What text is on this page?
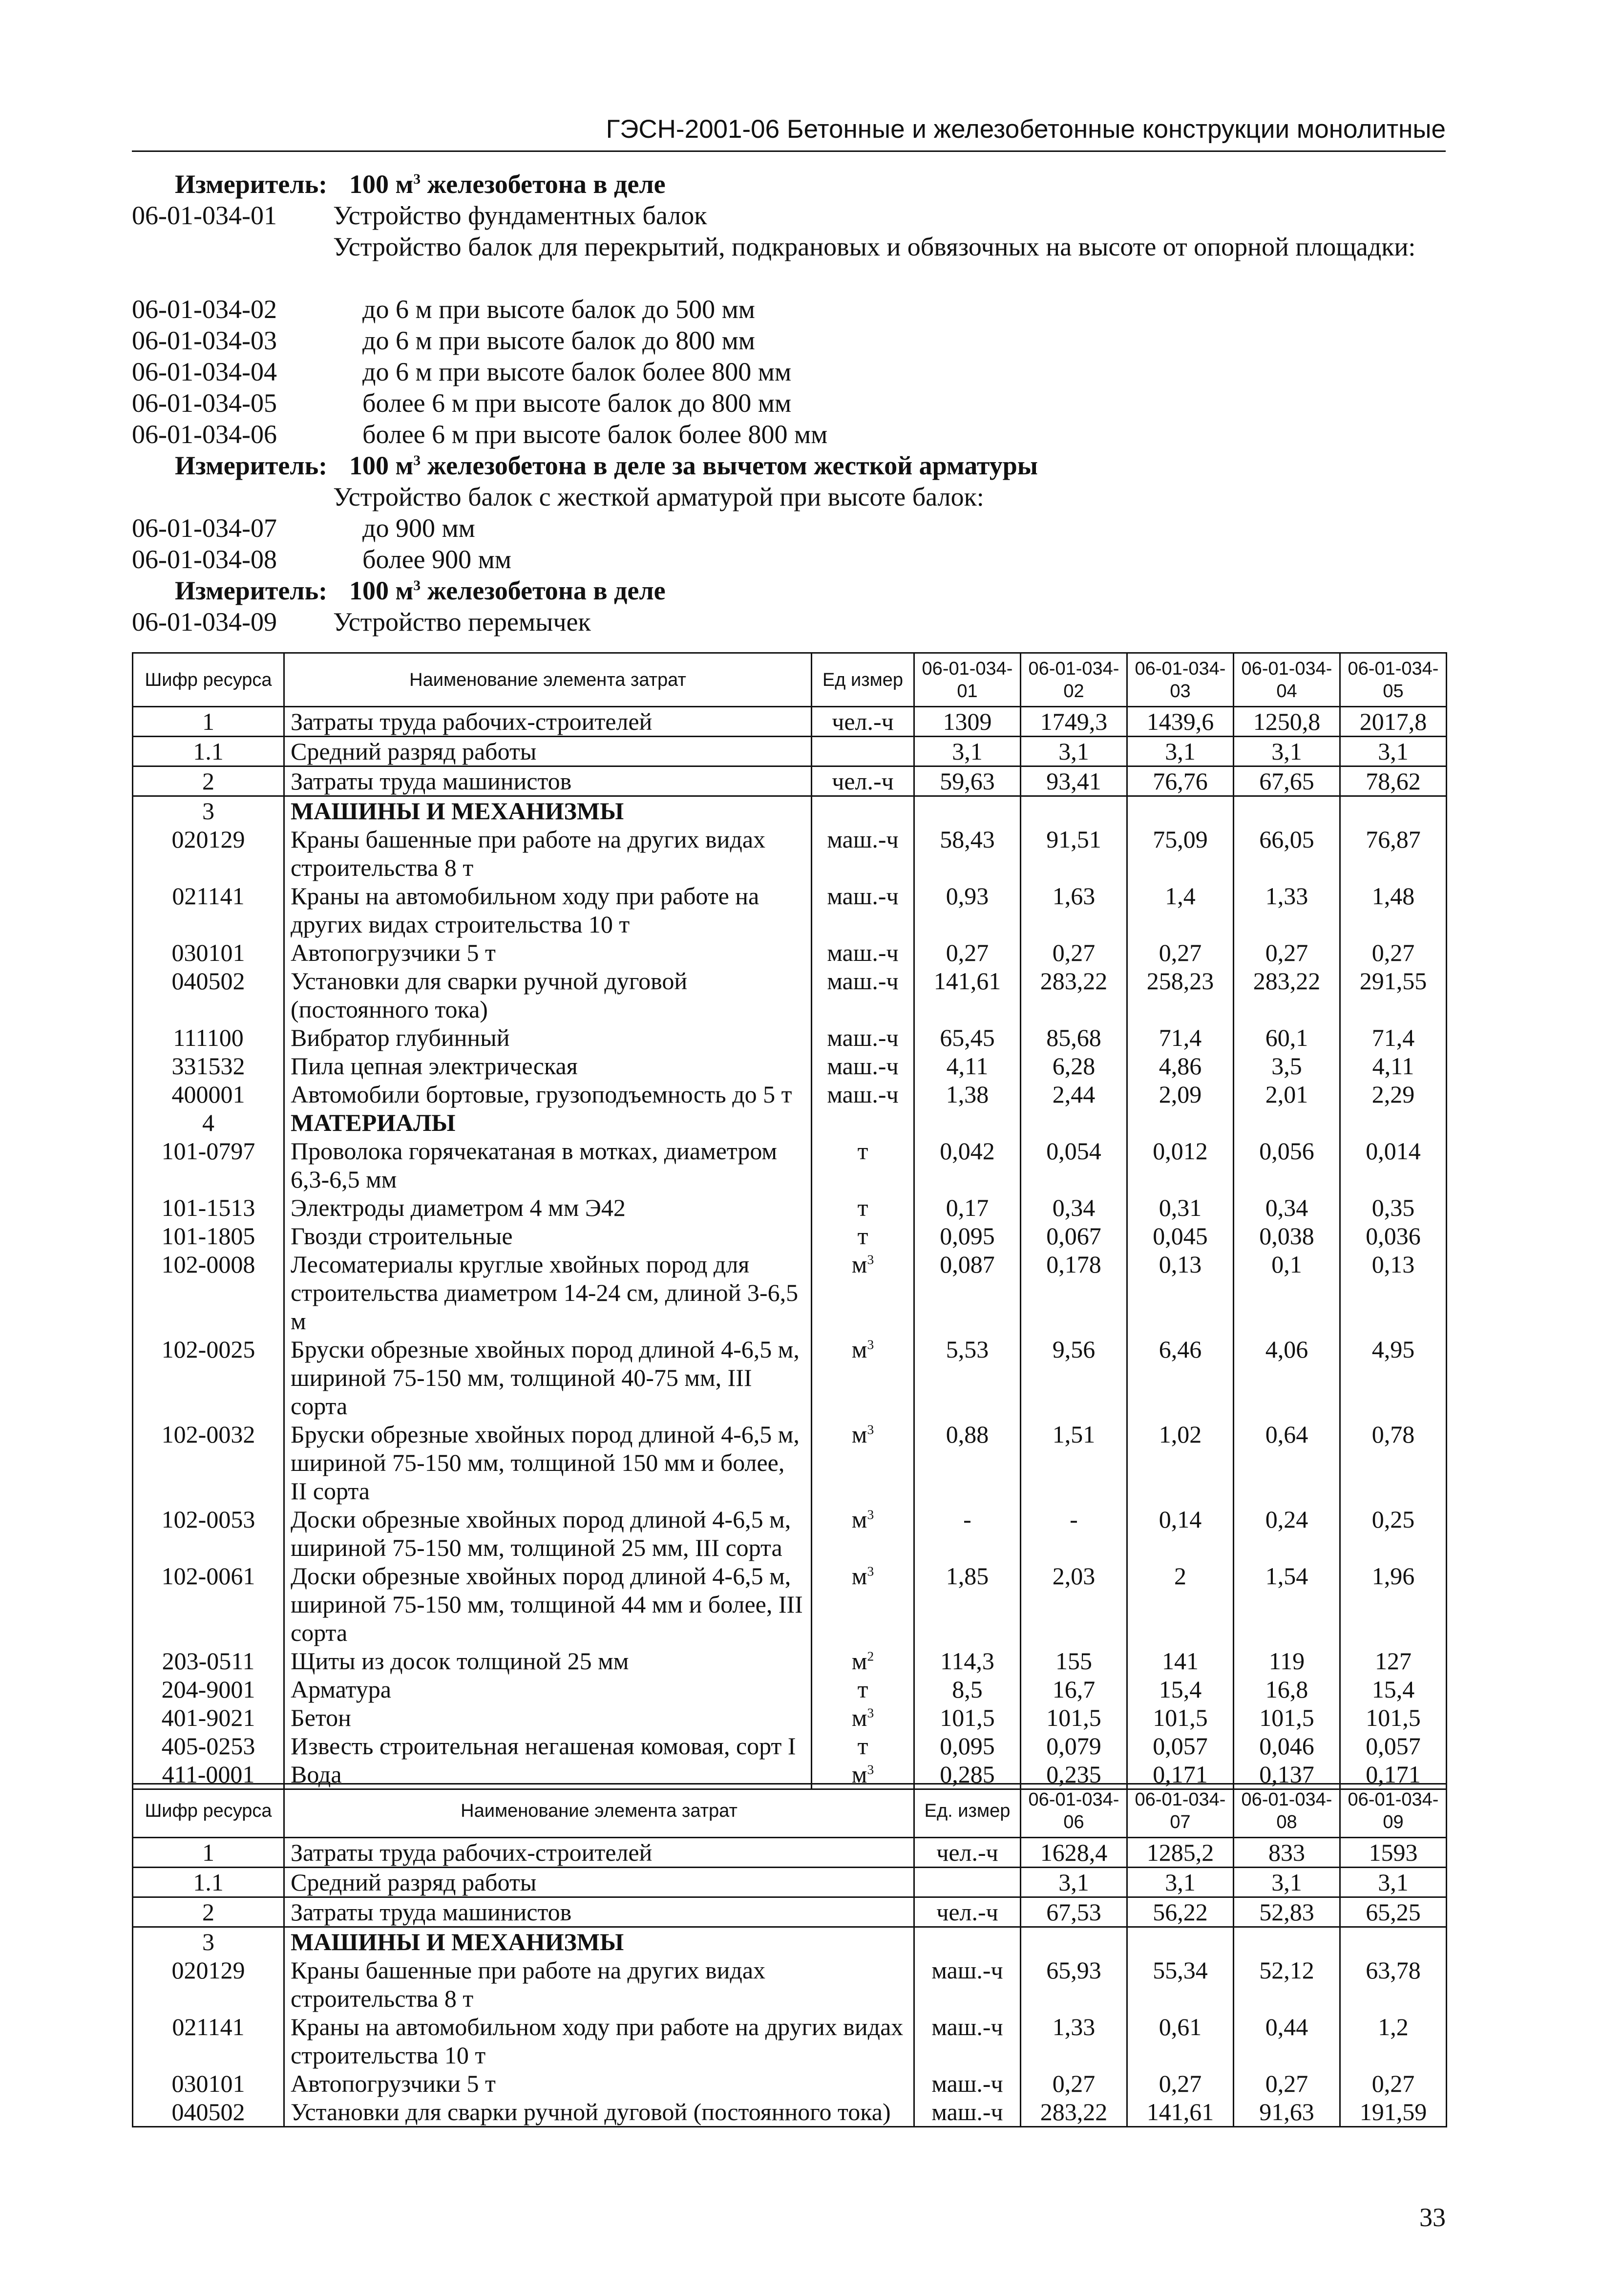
ГЭСН-2001-06 Бетонные и железобетонные конструкции монолитные
Измеритель: 100 $м^3$ железобетона в деле
06-01-034-01 Устройство фундаментных балок
Устройство балок для перекрытий, подкрановых и обвязочных на высоте от опорной площадки:
06-01-034-02	до 6 м при высоте балок до 500 мм
06-01-034-03	до 6 м при высоте балок до 800 мм
06-01-034-04	до 6 м при высоте балок более 800 мм
06-01-034-05	более 6 м при высоте балок до 800 мм
06-01-034-06	более 6 м при высоте балок более 800 мм
Измеритель: 100 $м^3$ железобетона в деле за вычетом жесткой арматуры
Устройство балок с жесткой арматурой при высоте балок:
06-01-034-07	до 900 мм
06-01-034-08	более 900 мм
Измеритель: 100 $м^3$ железобетона в деле
06-01-034-09 Устройство перемычек
Шифр ресурса	Наименование элемента затрат	Ед измер	06-01-034-01	06-01-034-02	06-01-034-03	06-01-034-04	06-01-034-05
1	Затраты труда рабочих-строителей	чел.-ч	1309	1749,3	1439,6	1250,8	2017,8
1.1	Средний разряд работы		3,1	3,1	3,1	3,1	3,1
2	Затраты труда машинистов	чел.-ч	59,63	93,41	76,76	67,65	78,62
3	МАШИНЫ И МЕХАНИЗМЫ						
020129	Краны башенные при работе на других видах строительства 8 т	маш.-ч	58,43	91,51	75,09	66,05	76,87
021141	Краны на автомобильном ходу при работе на других видах строительства 10 т	маш.-ч	0,93	1,63	1,4	1,33	1,48
030101	Автопогрузчики 5 т	маш.-ч	0,27	0,27	0,27	0,27	0,27
040502	Установки для сварки ручной дуговой (постоянного тока)	маш.-ч	141,61	283,22	258,23	283,22	291,55
111100	Вибратор глубинный	маш.-ч	65,45	85,68	71,4	60,1	71,4
331532	Пила цепная электрическая	маш.-ч	4,11	6,28	4,86	3,5	4,11
400001	Автомобили бортовые, грузоподъемность до 5 т	маш.-ч	1,38	2,44	2,09	2,01	2,29
4	МАТЕРИАЛЫ						
101-0797	Проволока горячекатаная в мотках, диаметром 6,3-6,5 мм	т	0,042	0,054	0,012	0,056	0,014
101-1513	Электроды диаметром 4 мм Э42	т	0,17	0,34	0,31	0,34	0,35
101-1805	Гвозди строительные	т	0,095	0,067	0,045	0,038	0,036
102-0008	Лесоматериалы круглые хвойных пород для строительства диаметром 14-24 см, длиной 3-6,5 м	$м^3$	0,087	0,178	0,13	0,1	0,13
102-0025	Бруски обрезные хвойных пород длиной 4-6,5 м, шириной 75-150 мм, толщиной 40-75 мм, III сорта	$м^3$	5,53	9,56	6,46	4,06	4,95
102-0032	Бруски обрезные хвойных пород длиной 4-6,5 м, шириной 75-150 мм, толщиной 150 мм и более, II сорта	$м^3$	0,88	1,51	1,02	0,64	0,78
102-0053	Доски обрезные хвойных пород длиной 4-6,5 м, шириной 75-150 мм, толщиной 25 мм, III сорта	$м^3$	-	-	0,14	0,24	0,25
102-0061	Доски обрезные хвойных пород длиной 4-6,5 м, шириной 75-150 мм, толщиной 44 мм и более, III сорта	$м^3$	1,85	2,03	2	1,54	1,96
203-0511	Щиты из досок толщиной 25 мм	$м^2$	114,3	155	141	119	127
204-9001	Арматура	т	8,5	16,7	15,4	16,8	15,4
401-9021	Бетон	$м^3$	101,5	101,5	101,5	101,5	101,5
405-0253	Известь строительная негашеная комовая, сорт I	т	0,095	0,079	0,057	0,046	0,057
411-0001	Вода	$м^3$	0,285	0,235	0,171	0,137	0,171
Шифр ресурса	Наименование элемента затрат	Ед. измер	06-01-034-06	06-01-034-07	06-01-034-08	06-01-034-09
1	Затраты труда рабочих-строителей	чел.-ч	1628,4	1285,2	833	1593
1.1	Средний разряд работы		3,1	3,1	3,1	3,1
2	Затраты труда машинистов	чел.-ч	67,53	56,22	52,83	65,25
3	МАШИНЫ И МЕХАНИЗМЫ					
020129	Краны башенные при работе на других видах строительства 8 т	маш.-ч	65,93	55,34	52,12	63,78
021141	Краны на автомобильном ходу при работе на других видах строительства 10 т	маш.-ч	1,33	0,61	0,44	1,2
030101	Автопогрузчики 5 т	маш.-ч	0,27	0,27	0,27	0,27
040502	Установки для сварки ручной дуговой (постоянного тока)	маш.-ч	283,22	141,61	91,63	191,59
33
